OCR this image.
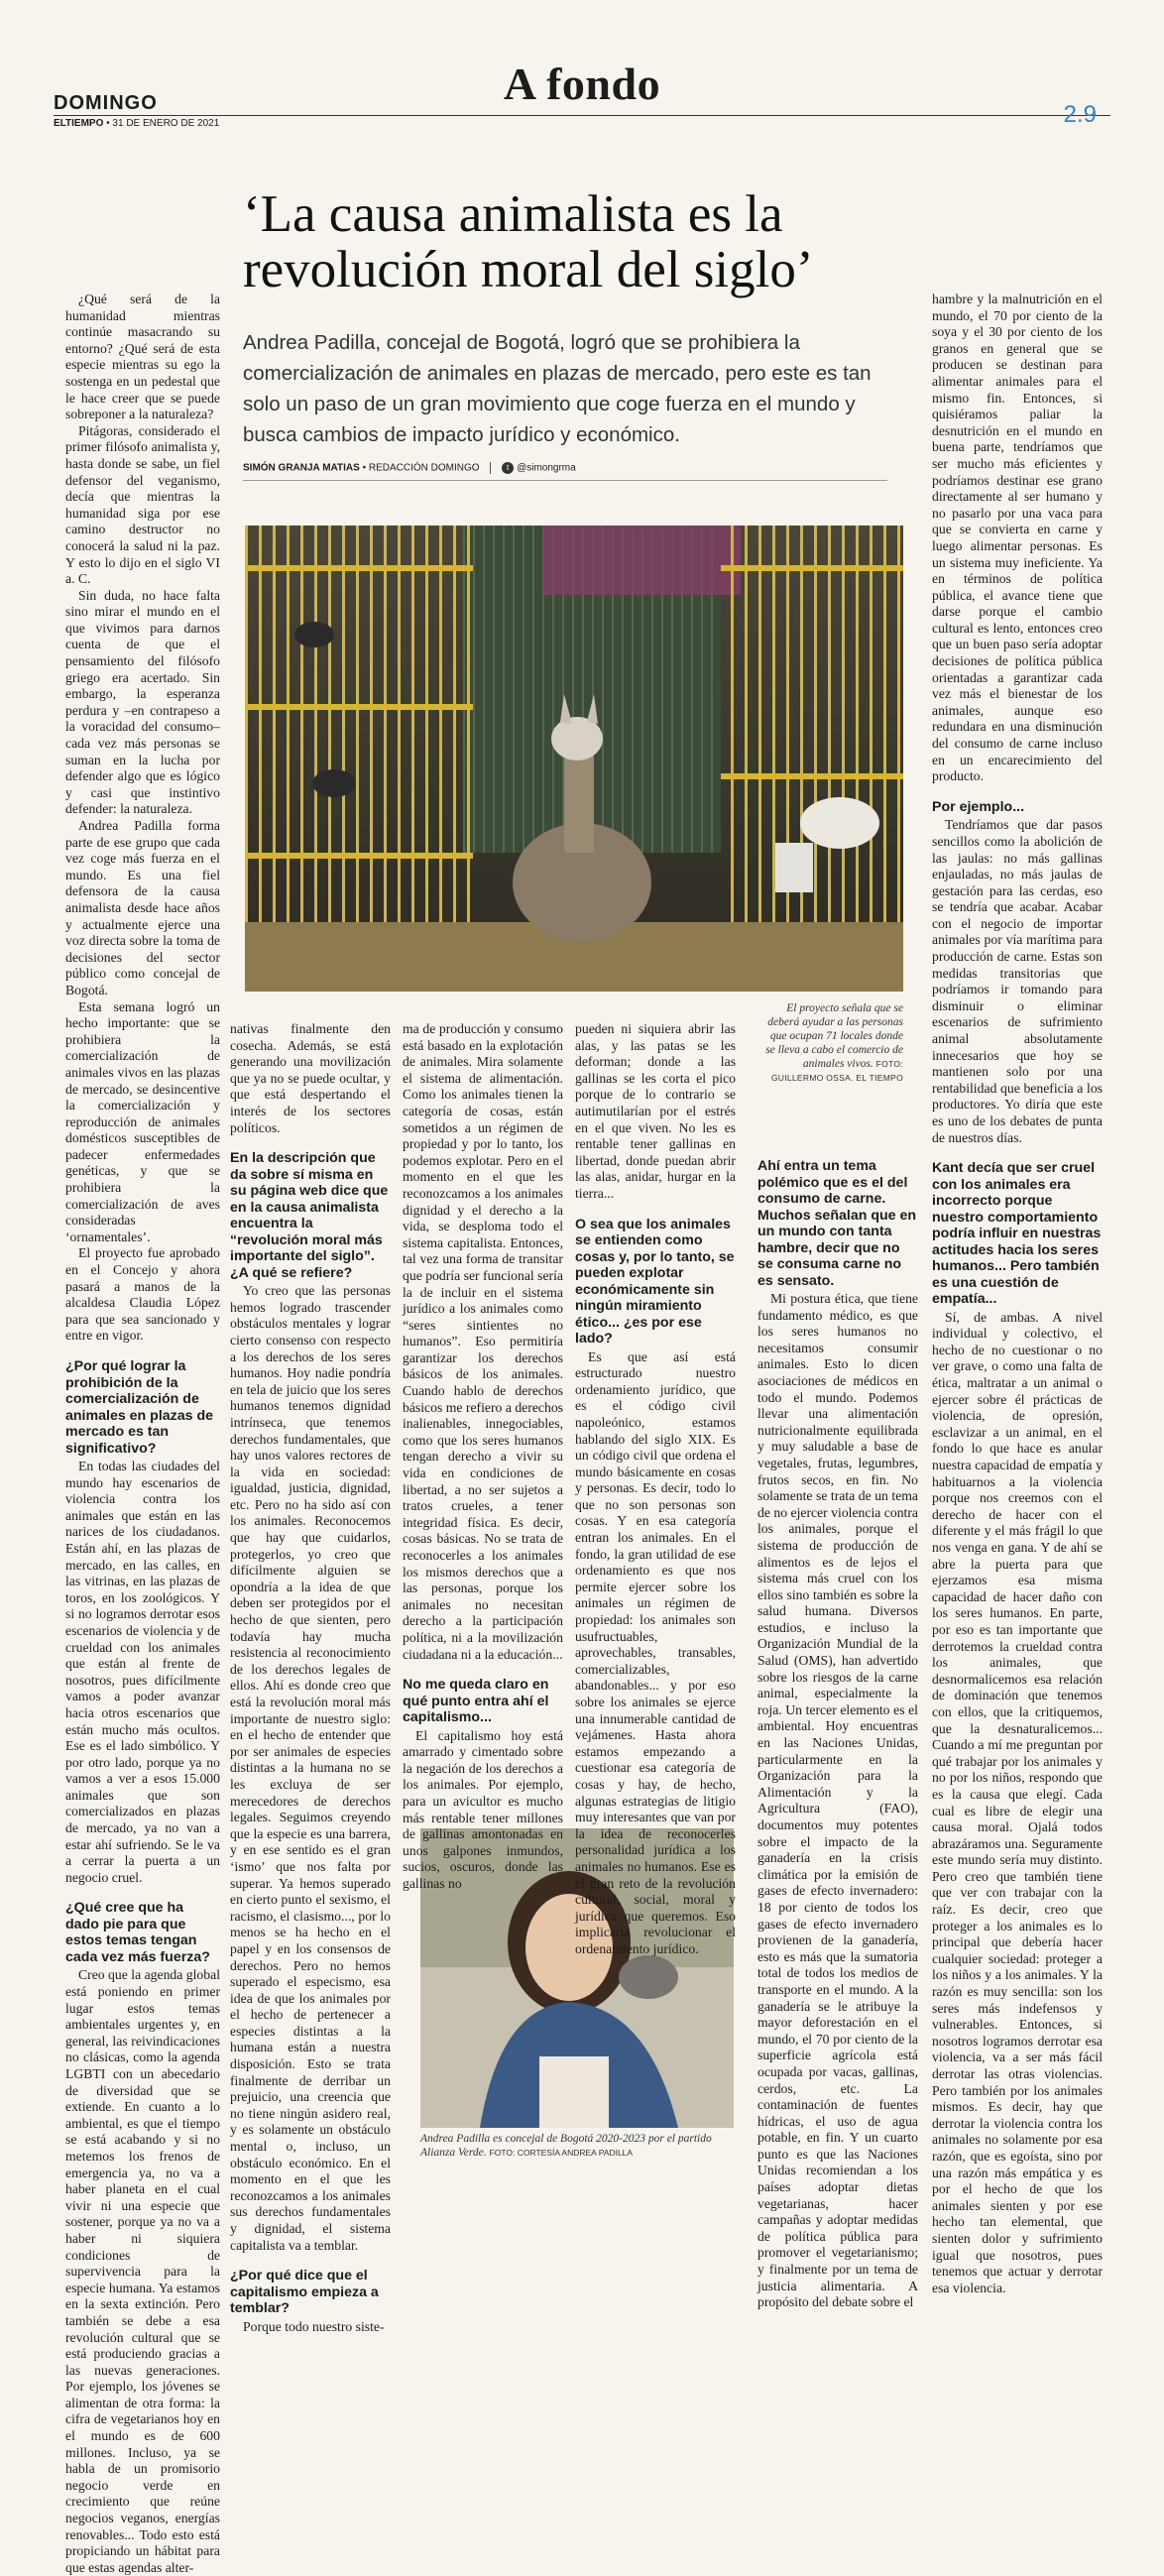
A fondo
DOMINGO
ELTIEMPO • 31 DE ENERO DE 2021	2.9
‘La causa animalista es la revolución moral del siglo’
Andrea Padilla, concejal de Bogotá, logró que se prohibiera la comercialización de animales en plazas de mercado, pero este es tan solo un paso de un gran movimiento que coge fuerza en el mundo y busca cambios de impacto jurídico y económico.
SIMÓN GRANJA MATIAS • REDACCIÓN DOMINGO	t @simongrma
El proyecto señala que se deberá ayudar a las personas que ocupan 71 locales donde se lleva a cabo el comercio de animales vivos. FOTO: GUILLERMO OSSA. EL TIEMPO
Andrea Padilla es concejal de Bogotá 2020-2023 por el partido Alianza Verde. FOTO: CORTESÍA ANDREA PADILLA

¿Qué será de la humanidad mientras continúe masacrando su entorno? ¿Qué será de esta especie mientras su ego la sostenga en un pedestal que le hace creer que se puede sobreponer a la naturaleza?

Pitágoras, considerado el primer filósofo animalista y, hasta donde se sabe, un fiel defensor del veganismo, decía que mientras la humanidad siga por ese camino destructor no conocerá la salud ni la paz. Y esto lo dijo en el siglo VI a. C.

Sin duda, no hace falta sino mirar el mundo en el que vivimos para darnos cuenta de que el pensamiento del filósofo griego era acertado. Sin embargo, la esperanza perdura y –en contrapeso a la voracidad del consumo– cada vez más personas se suman en la lucha por defender algo que es lógico y casi que instintivo defender: la naturaleza.

Andrea Padilla forma parte de ese grupo que cada vez coge más fuerza en el mundo. Es una fiel defensora de la causa animalista desde hace años y actualmente ejerce una voz directa sobre la toma de decisiones del sector público como concejal de Bogotá.

Esta semana logró un hecho importante: que se prohibiera la comercialización de animales vivos en las plazas de mercado, se desincentive la comercialización y reproducción de animales domésticos susceptibles de padecer enfermedades genéticas, y que se prohibiera la comercialización de aves consideradas ‘ornamentales’.

El proyecto fue aprobado en el Concejo y ahora pasará a manos de la alcaldesa Claudia López para que sea sancionado y entre en vigor.

¿Por qué lograr la prohibición de la comercialización de animales en plazas de mercado es tan significativo?

En todas las ciudades del mundo hay escenarios de violencia contra los animales que están en las narices de los ciudadanos. Están ahí, en las plazas de mercado, en las calles, en las vitrinas, en las plazas de toros, en los zoológicos. Y si no logramos derrotar esos escenarios de violencia y de crueldad con los animales que están al frente de nosotros, pues difícilmente vamos a poder avanzar hacia otros escenarios que están mucho más ocultos. Ese es el lado simbólico. Y por otro lado, porque ya no vamos a ver a esos 15.000 animales que son comercializados en plazas de mercado, ya no van a estar ahí sufriendo. Se le va a cerrar la puerta a un negocio cruel.

¿Qué cree que ha dado pie para que estos temas tengan cada vez más fuerza?

Creo que la agenda global está poniendo en primer lugar estos temas ambientales urgentes y, en general, las reivindicaciones no clásicas, como la agenda LGBTI con un abecedario de diversidad que se extiende. En cuanto a lo ambiental, es que el tiempo se está acabando y si no metemos los frenos de emergencia ya, no va a haber planeta en el cual vivir ni una especie que sostener, porque ya no va a haber ni siquiera condiciones de supervivencia para la especie humana. Ya estamos en la sexta extinción. Pero también se debe a esa revolución cultural que se está produciendo gracias a las nuevas generaciones. Por ejemplo, los jóvenes se alimentan de otra forma: la cifra de vegetarianos hoy en el mundo es de 600 millones. Incluso, ya se habla de un promisorio negocio verde en crecimiento que reúne negocios veganos, energías renovables... Todo esto está propiciando un hábitat para que estas agendas alter-

nativas finalmente den cosecha. Además, se está generando una movilización que ya no se puede ocultar, y que está despertando el interés de los sectores políticos.

En la descripción que da sobre sí misma en su página web dice que en la causa animalista encuentra la “revolución moral más importante del siglo”. ¿A qué se refiere?

Yo creo que las personas hemos logrado trascender obstáculos mentales y lograr cierto consenso con respecto a los derechos de los seres humanos. Hoy nadie pondría en tela de juicio que los seres humanos tenemos dignidad intrínseca, que tenemos derechos fundamentales, que hay unos valores rectores de la vida en sociedad: igualdad, justicia, dignidad, etc. Pero no ha sido así con los animales. Reconocemos que hay que cuidarlos, protegerlos, yo creo que difícilmente alguien se opondría a la idea de que deben ser protegidos por el hecho de que sienten, pero todavía hay mucha resistencia al reconocimiento de los derechos legales de ellos. Ahí es donde creo que está la revolución moral más importante de nuestro siglo: en el hecho de entender que por ser animales de especies distintas a la humana no se les excluya de ser merecedores de derechos legales. Seguimos creyendo que la especie es una barrera, y en ese sentido es el gran ‘ismo’ que nos falta por superar. Ya hemos superado en cierto punto el sexismo, el racismo, el clasismo..., por lo menos se ha hecho en el papel y en los consensos de derechos. Pero no hemos superado el especismo, esa idea de que los animales por el hecho de pertenecer a especies distintas a la humana están a nuestra disposición. Esto se trata finalmente de derribar un prejuicio, una creencia que no tiene ningún asidero real, y es solamente un obstáculo mental o, incluso, un obstáculo económico. En el momento en el que les reconozcamos a los animales sus derechos fundamentales y dignidad, el sistema capitalista va a temblar.

¿Por qué dice que el capitalismo empieza a temblar?

Porque todo nuestro siste-

ma de producción y consumo está basado en la explotación de animales. Mira solamente el sistema de alimentación. Como los animales tienen la categoría de cosas, están sometidos a un régimen de propiedad y por lo tanto, los podemos explotar. Pero en el momento en el que les reconozcamos a los animales dignidad y el derecho a la vida, se desploma todo el sistema capitalista. Entonces, tal vez una forma de transitar que podría ser funcional sería la de incluir en el sistema jurídico a los animales como “seres sintientes no humanos”. Eso permitiría garantizar los derechos básicos de los animales. Cuando hablo de derechos básicos me refiero a derechos inalienables, innegociables, como que los seres humanos tengan derecho a vivir su vida en condiciones de libertad, a no ser sujetos a tratos crueles, a tener integridad física. Es decir, cosas básicas. No se trata de reconocerles a los animales los mismos derechos que a las personas, porque los animales no necesitan derecho a la participación política, ni a la movilización ciudadana ni a la educación...

No me queda claro en qué punto entra ahí el capitalismo...

El capitalismo hoy está amarrado y cimentado sobre la negación de los derechos a los animales. Por ejemplo, para un avicultor es mucho más rentable tener millones de gallinas amontonadas en unos galpones inmundos, sucios, oscuros, donde las gallinas no

pueden ni siquiera abrir las alas, y las patas se les deforman; donde a las gallinas se les corta el pico porque de lo contrario se autimutilarían por el estrés en el que viven. No les es rentable tener gallinas en libertad, donde puedan abrir las alas, anidar, hurgar en la tierra...

O sea que los animales se entienden como cosas y, por lo tanto, se pueden explotar económicamente sin ningún miramiento ético... ¿es por ese lado?

Es que así está estructurado nuestro ordenamiento jurídico, que es el código civil napoleónico, estamos hablando del siglo XIX. Es un código civil que ordena el mundo básicamente en cosas y personas. Es decir, todo lo que no son personas son cosas. Y en esa categoría entran los animales. En el fondo, la gran utilidad de ese ordenamiento es que nos permite ejercer sobre los animales un régimen de propiedad: los animales son usufructuables, aprovechables, transables, comercializables, abandonables... y por eso sobre los animales se ejerce una innumerable cantidad de vejámenes. Hasta ahora estamos empezando a cuestionar esa categoría de cosas y hay, de hecho, algunas estrategias de litigio muy interesantes que van por la idea de reconocerles personalidad jurídica a los animales no humanos. Ese es el gran reto de la revolución cultural, social, moral y jurídica que queremos. Eso implicaría revolucionar el ordenamiento jurídico.

Ahí entra un tema polémico que es el del consumo de carne. Muchos señalan que en un mundo con tanta hambre, decir que no se consuma carne no es sensato.

Mi postura ética, que tiene fundamento médico, es que los seres humanos no necesitamos consumir animales. Esto lo dicen asociaciones de médicos en todo el mundo. Podemos llevar una alimentación nutricionalmente equilibrada y muy saludable a base de vegetales, frutas, legumbres, frutos secos, en fin. No solamente se trata de un tema de no ejercer violencia contra los animales, porque el sistema de producción de alimentos es de lejos el sistema más cruel con los ellos sino también es sobre la salud humana. Diversos estudios, e incluso la Organización Mundial de la Salud (OMS), han advertido sobre los riesgos de la carne animal, especialmente la roja. Un tercer elemento es el ambiental. Hoy encuentras en las Naciones Unidas, particularmente en la Organización para la Alimentación y la Agricultura (FAO), documentos muy potentes sobre el impacto de la ganadería en la crisis climática por la emisión de gases de efecto invernadero: 18 por ciento de todos los gases de efecto invernadero provienen de la ganadería, esto es más que la sumatoria total de todos los medios de transporte en el mundo. A la ganadería se le atribuye la mayor deforestación en el mundo, el 70 por ciento de la superficie agrícola está ocupada por vacas, gallinas, cerdos, etc. La contaminación de fuentes hídricas, el uso de agua potable, en fin. Y un cuarto punto es que las Naciones Unidas recomiendan a los países adoptar dietas vegetarianas, hacer campañas y adoptar medidas de política pública para promover el vegetarianismo; y finalmente por un tema de justicia alimentaria. A propósito del debate sobre el

hambre y la malnutrición en el mundo, el 70 por ciento de la soya y el 30 por ciento de los granos en general que se producen se destinan para alimentar animales para el mismo fin. Entonces, si quisiéramos paliar la desnutrición en el mundo en buena parte, tendríamos que ser mucho más eficientes y podríamos destinar ese grano directamente al ser humano y no pasarlo por una vaca para que se convierta en carne y luego alimentar personas. Es un sistema muy ineficiente. Ya en términos de política pública, el avance tiene que darse porque el cambio cultural es lento, entonces creo que un buen paso sería adoptar decisiones de política pública orientadas a garantizar cada vez más el bienestar de los animales, aunque eso redundara en una disminución del consumo de carne incluso en un encarecimiento del producto.

Por ejemplo...

Tendríamos que dar pasos sencillos como la abolición de las jaulas: no más gallinas enjauladas, no más jaulas de gestación para las cerdas, eso se tendría que acabar. Acabar con el negocio de importar animales por vía marítima para producción de carne. Estas son medidas transitorias que podríamos ir tomando para disminuir o eliminar escenarios de sufrimiento animal absolutamente innecesarios que hoy se mantienen solo por una rentabilidad que beneficia a los productores. Yo diría que este es uno de los debates de punta de nuestros días.

Kant decía que ser cruel con los animales era incorrecto porque nuestro comportamiento podría influir en nuestras actitudes hacia los seres humanos... Pero también es una cuestión de empatía...

Sí, de ambas. A nivel individual y colectivo, el hecho de no cuestionar o no ver grave, o como una falta de ética, maltratar a un animal o ejercer sobre él prácticas de violencia, de opresión, esclavizar a un animal, en el fondo lo que hace es anular nuestra capacidad de empatía y habituarnos a la violencia porque nos creemos con el derecho de hacer con el diferente y el más frágil lo que nos venga en gana. Y de ahí se abre la puerta para que ejerzamos esa misma capacidad de hacer daño con los seres humanos. En parte, por eso es tan importante que derrotemos la crueldad contra los animales, que desnormalicemos esa relación de dominación que tenemos con ellos, que la critiquemos, que la desnaturalicemos... Cuando a mí me preguntan por qué trabajar por los animales y no por los niños, respondo que es la causa que elegí. Cada cual es libre de elegir una causa moral. Ojalá todos abrazáramos una. Seguramente este mundo sería muy distinto. Pero creo que también tiene que ver con trabajar con la raíz. Es decir, creo que proteger a los animales es lo principal que debería hacer cualquier sociedad: proteger a los niños y a los animales. Y la razón es muy sencilla: son los seres más indefensos y vulnerables. Entonces, si nosotros logramos derrotar esa violencia, va a ser más fácil derrotar las otras violencias. Pero también por los animales mismos. Es decir, hay que derrotar la violencia contra los animales no solamente por esa razón, que es egoísta, sino por una razón más empática y es por el hecho de que los animales sienten y por ese hecho tan elemental, que sienten dolor y sufrimiento igual que nosotros, pues tenemos que actuar y derrotar esa violencia.
